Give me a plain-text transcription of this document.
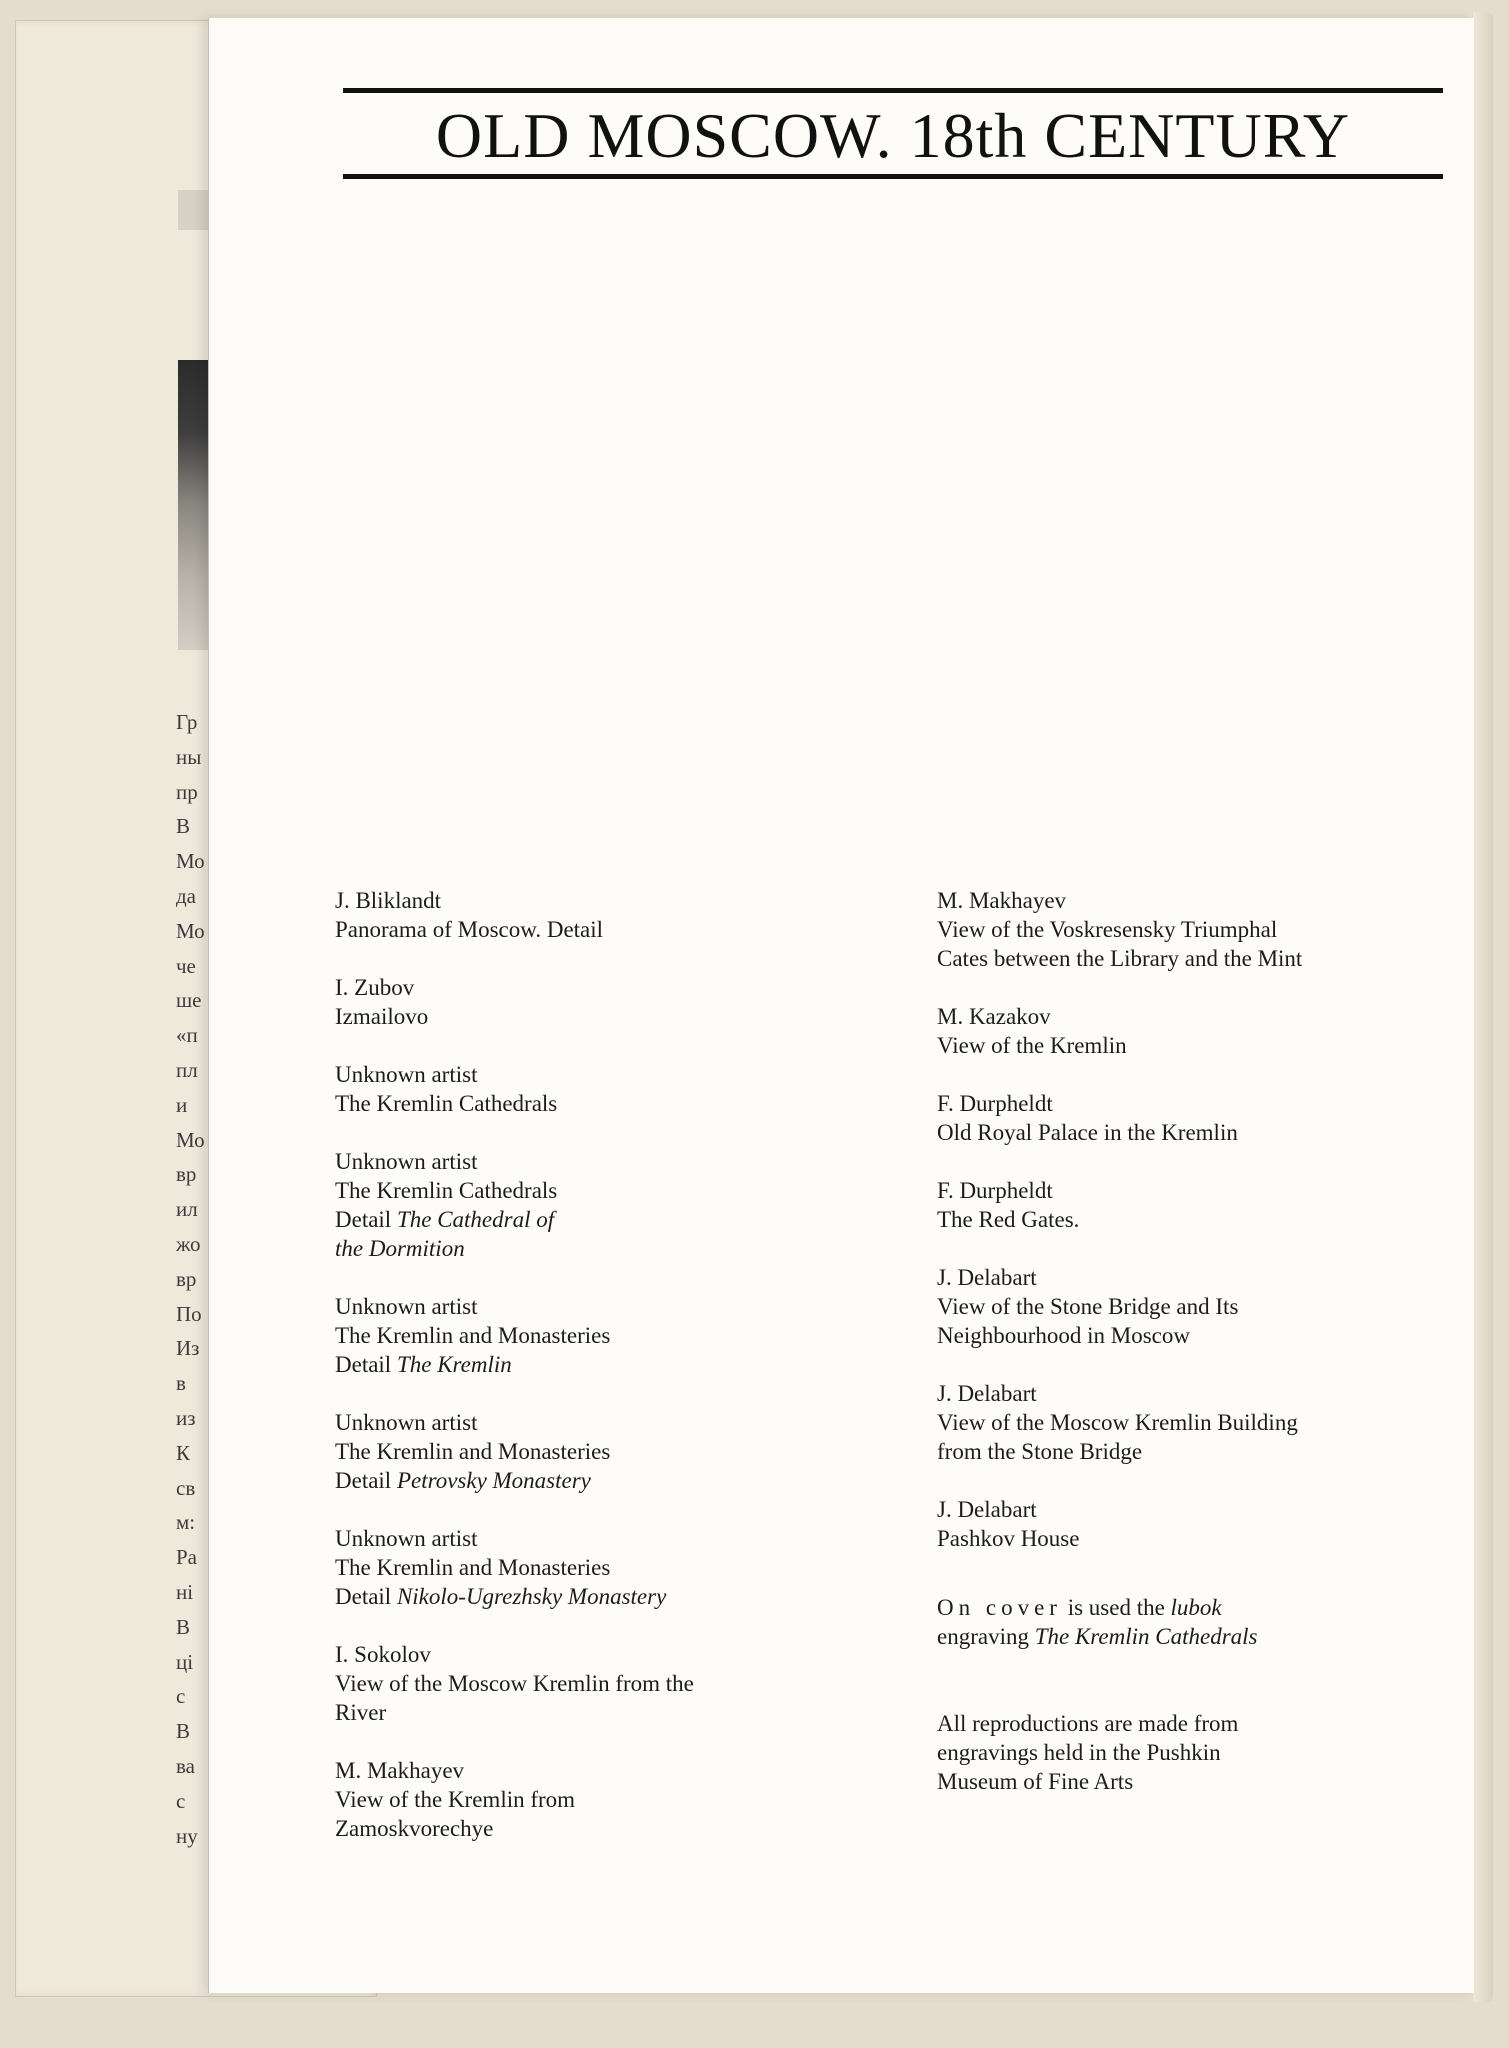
Гр
ны
пр
В
Мо
да
Мо
че
ше
«п
пл
и
Мо
вр
ил
жо
вр
По
Из
в
из
К
св
м:
Ра
ні
В
ці
с
В
ва
с
ну
OLD MOSCOW. 18th CENTURY
J. Bliklandt
Panorama of Moscow. Detail
I. Zubov
Izmailovo
Unknown artist
The Kremlin Cathedrals
Unknown artist
The Kremlin Cathedrals
Detail The Cathedral of
the Dormition
Unknown artist
The Kremlin and Monasteries
Detail The Kremlin
Unknown artist
The Kremlin and Monasteries
Detail Petrovsky Monastery
Unknown artist
The Kremlin and Monasteries
Detail Nikolo-Ugrezhsky Monastery
I. Sokolov
View of the Moscow Kremlin from the
River
M. Makhayev
View of the Kremlin from
Zamoskvorechye
M. Makhayev
View of the Voskresensky Triumphal
Cates between the Library and the Mint
M. Kazakov
View of the Kremlin
F. Durpheldt
Old Royal Palace in the Kremlin
F. Durpheldt
The Red Gates.
J. Delabart
View of the Stone Bridge and Its
Neighbourhood in Moscow
J. Delabart
View of the Moscow Kremlin Building
from the Stone Bridge
J. Delabart
Pashkov House
On cover is used the lubok
engraving The Kremlin Cathedrals
All reproductions are made from
engravings held in the Pushkin
Museum of Fine Arts
